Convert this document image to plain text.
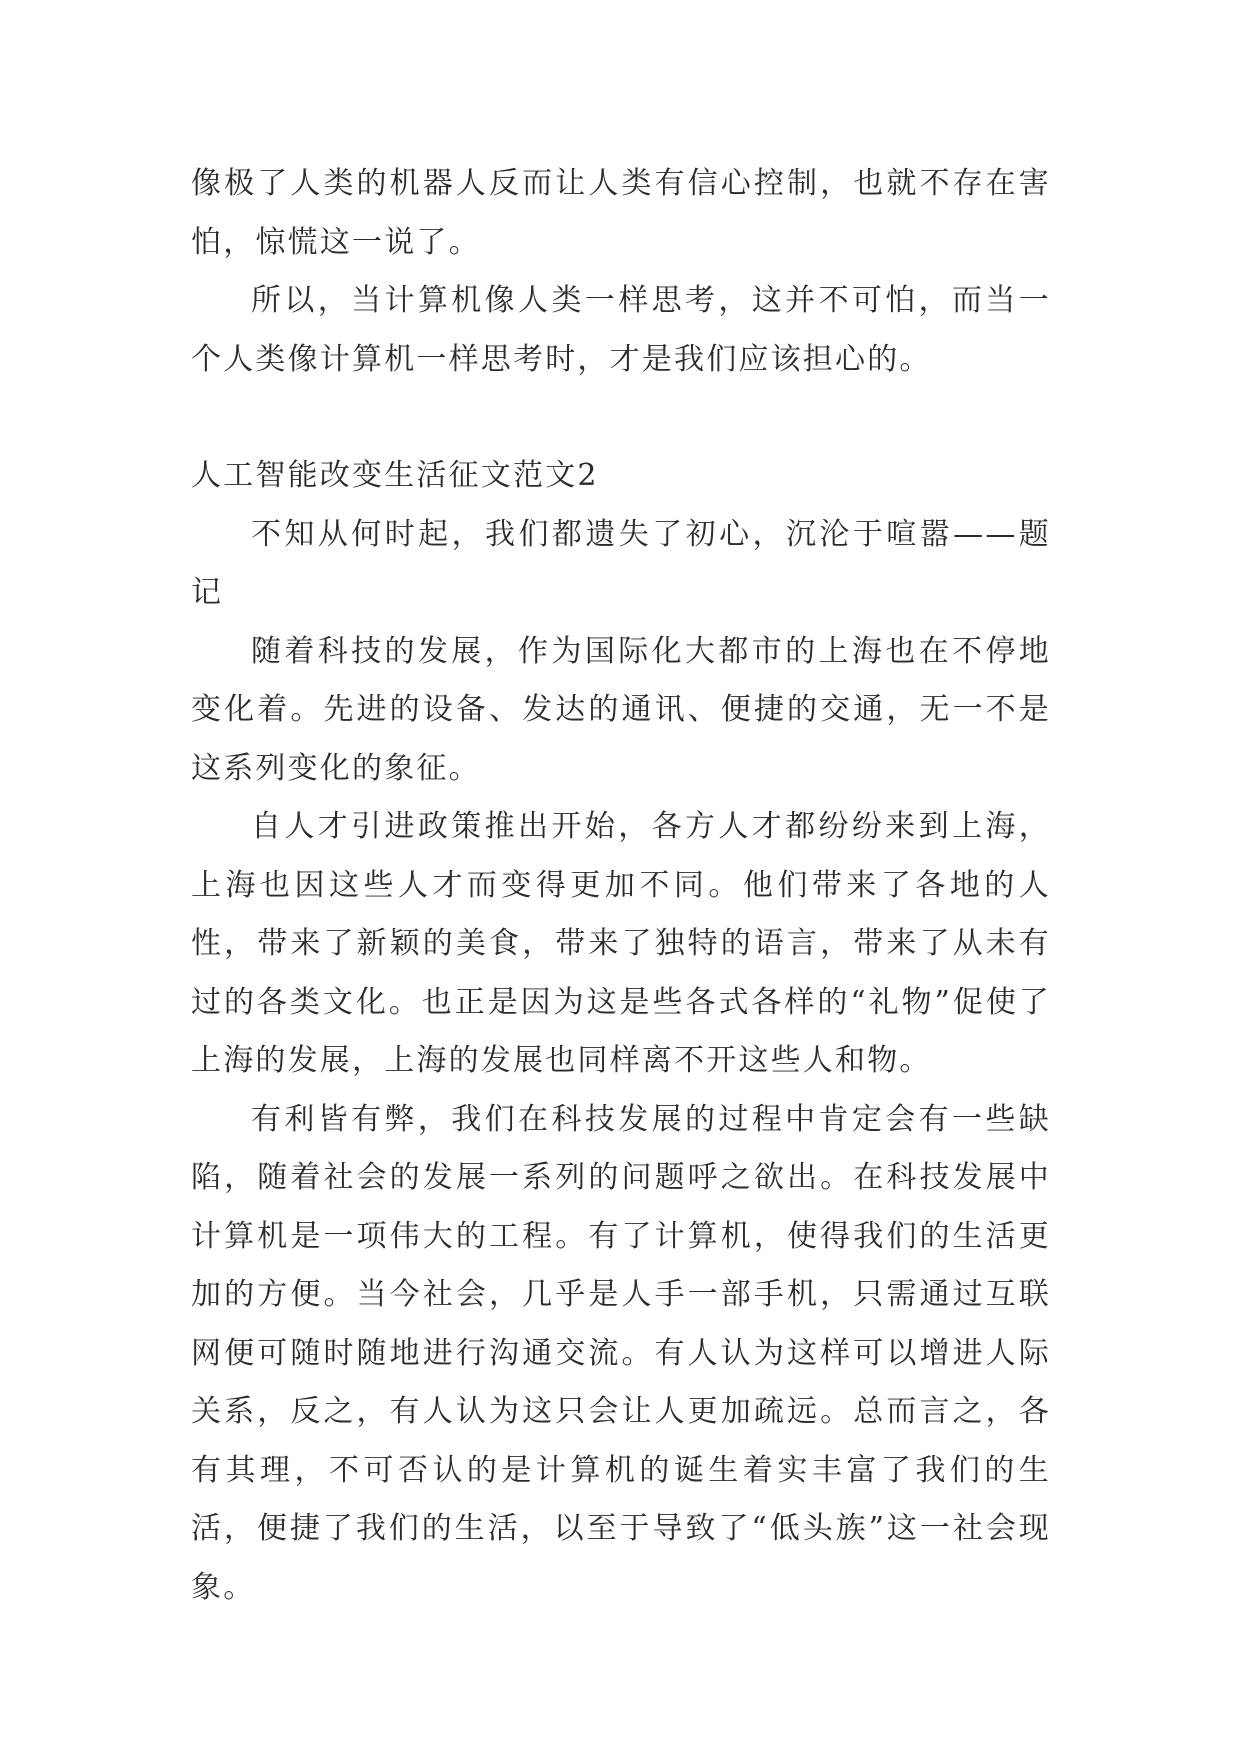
像极了人类的机器人反而让人类有信心控制，也就不存在害怕，惊慌这一说了。

所以，当计算机像人类一样思考，这并不可怕，而当一个人类像计算机一样思考时，才是我们应该担心的。

人工智能改变生活征文范文2

不知从何时起，我们都遗失了初心，沉沦于喧嚣——题记

随着科技的发展，作为国际化大都市的上海也在不停地变化着。先进的设备、发达的通讯、便捷的交通，无一不是这系列变化的象征。

自人才引进政策推出开始，各方人才都纷纷来到上海，上海也因这些人才而变得更加不同。他们带来了各地的人性，带来了新颖的美食，带来了独特的语言，带来了从未有过的各类文化。也正是因为这是些各式各样的“礼物”促使了上海的发展，上海的发展也同样离不开这些人和物。

有利皆有弊，我们在科技发展的过程中肯定会有一些缺陷，随着社会的发展一系列的问题呼之欲出。在科技发展中计算机是一项伟大的工程。有了计算机，使得我们的生活更加的方便。当今社会，几乎是人手一部手机，只需通过互联网便可随时随地进行沟通交流。有人认为这样可以增进人际关系，反之，有人认为这只会让人更加疏远。总而言之，各有其理，不可否认的是计算机的诞生着实丰富了我们的生活，便捷了我们的生活，以至于导致了“低头族”这一社会现象。
